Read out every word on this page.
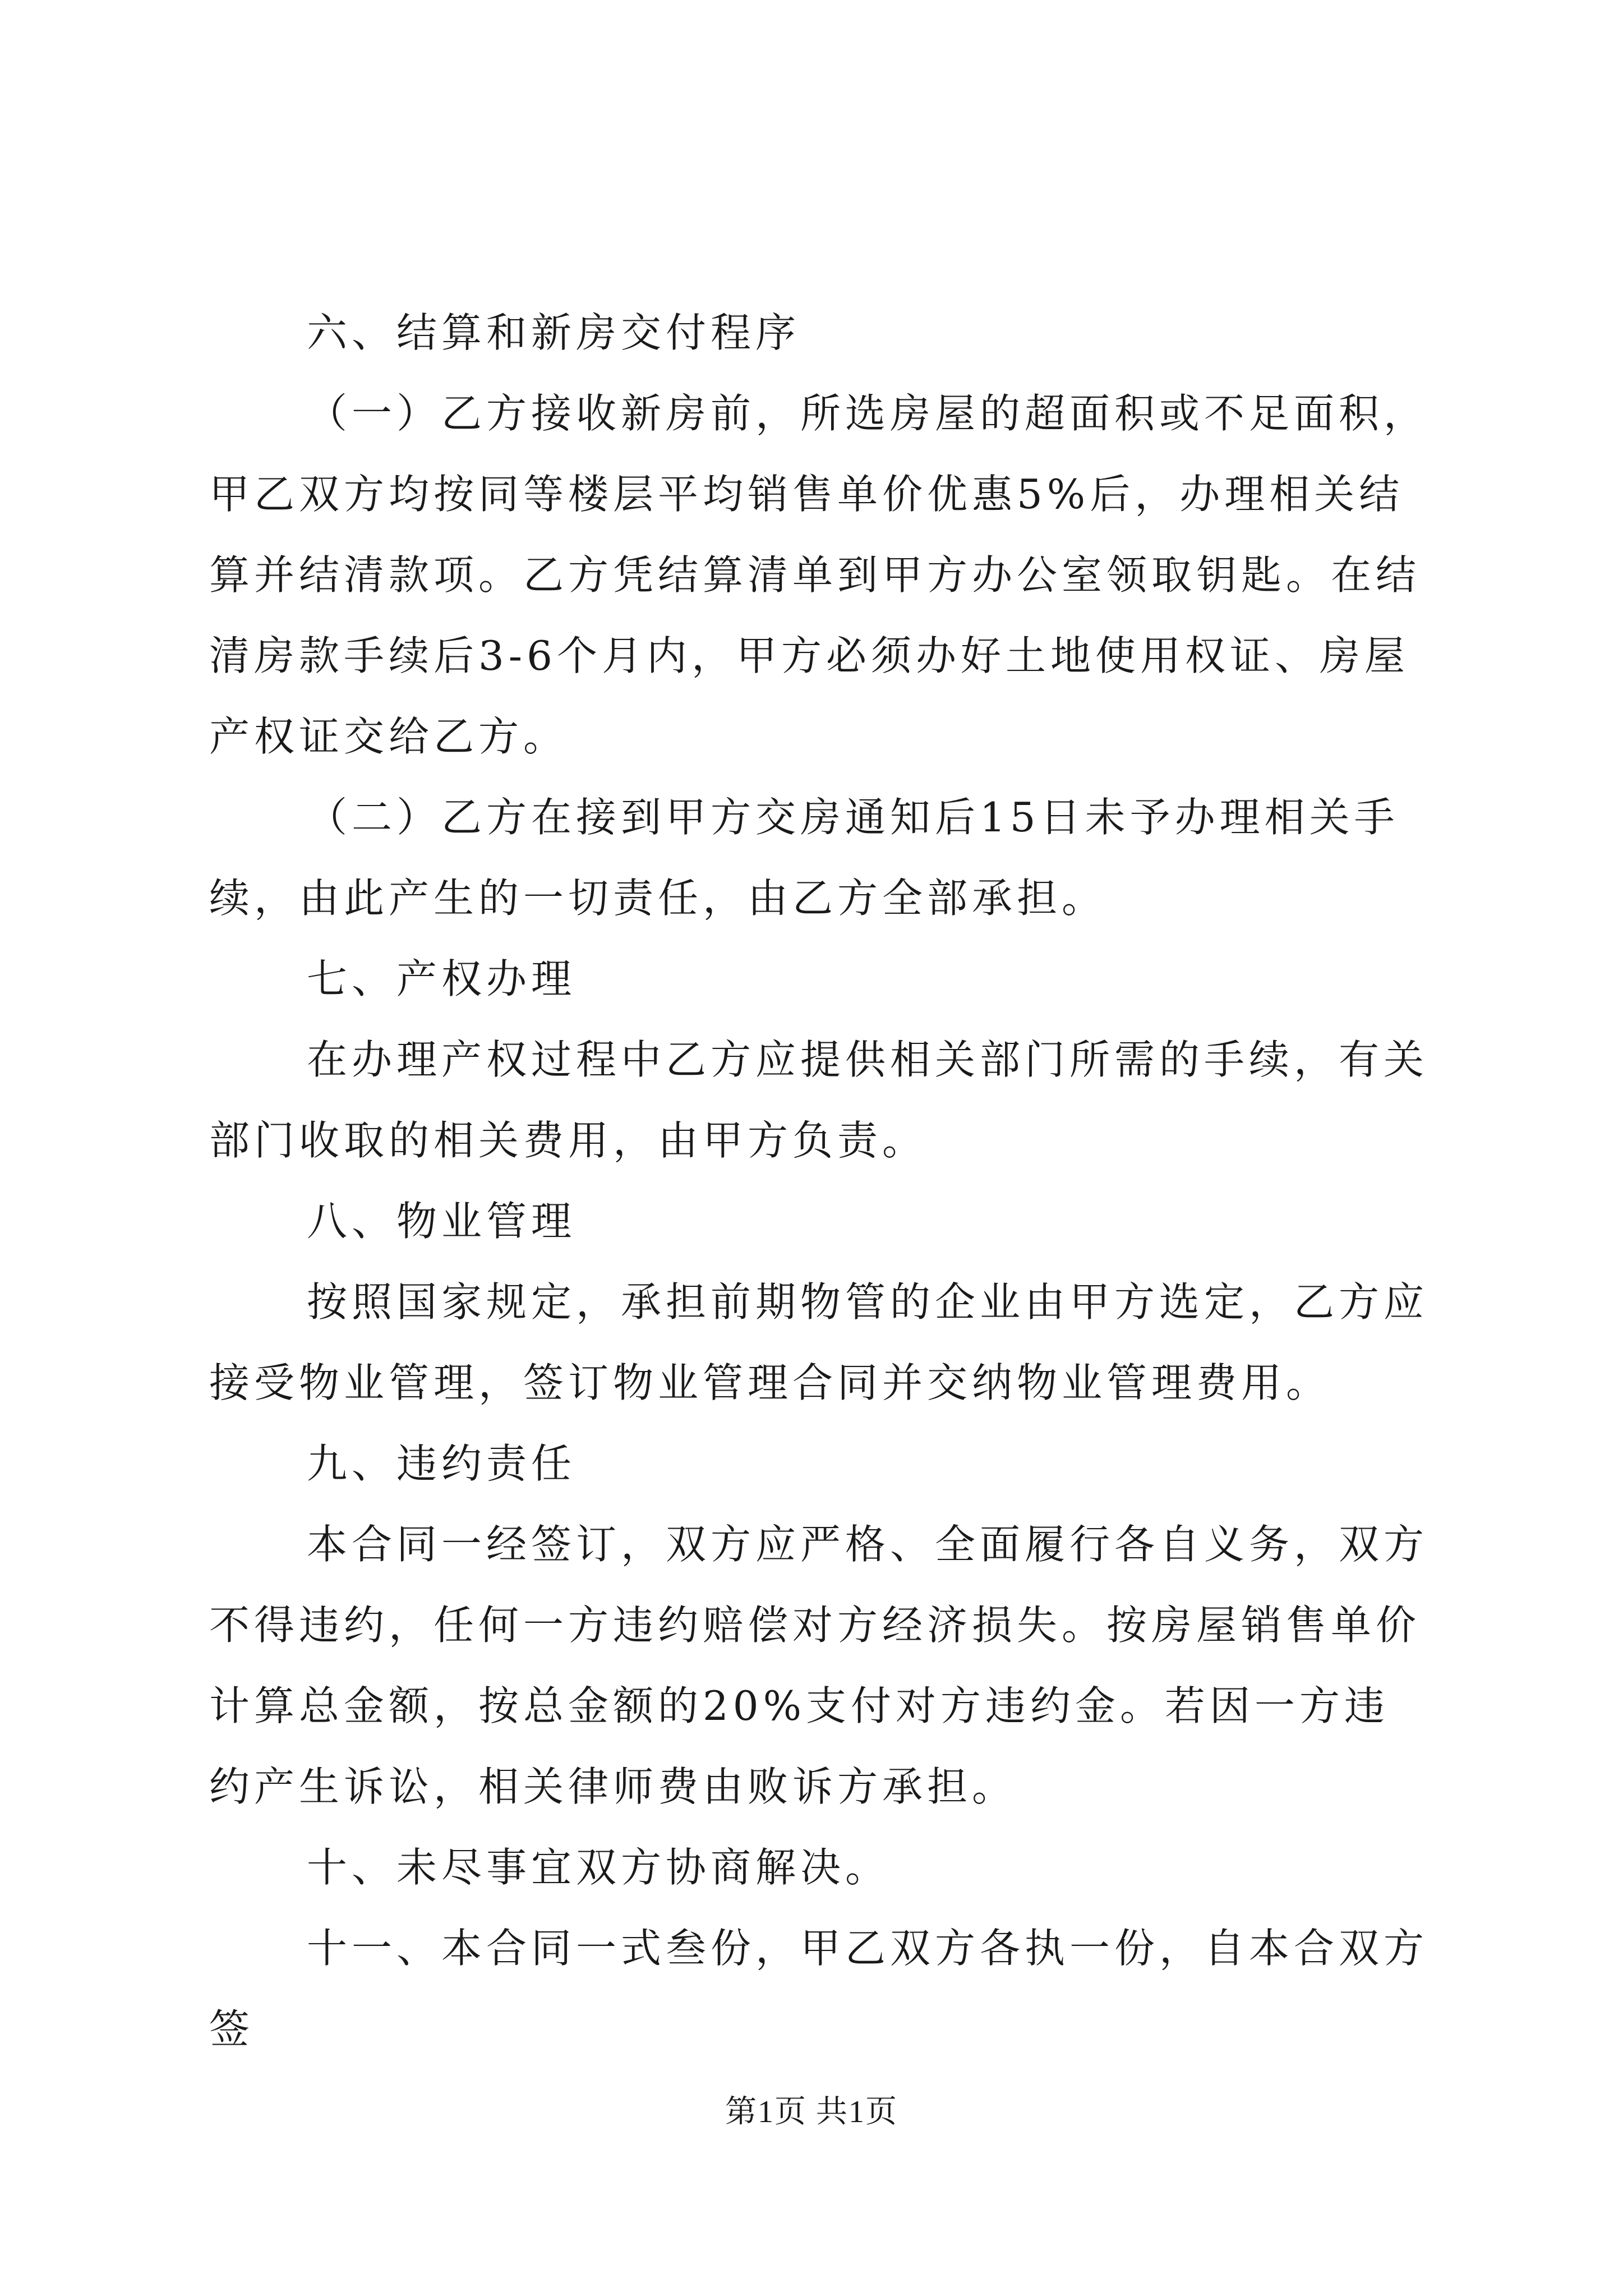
六、结算和新房交付程序

（一）乙方接收新房前，所选房屋的超面积或不足面积，甲乙双方均按同等楼层平均销售单价优惠5%后，办理相关结算并结清款项。乙方凭结算清单到甲方办公室领取钥匙。在结清房款手续后3-6个月内，甲方必须办好土地使用权证、房屋产权证交给乙方。

（二）乙方在接到甲方交房通知后15日未予办理相关手续，由此产生的一切责任，由乙方全部承担。

七、产权办理

在办理产权过程中乙方应提供相关部门所需的手续，有关部门收取的相关费用，由甲方负责。

八、物业管理

按照国家规定，承担前期物管的企业由甲方选定，乙方应接受物业管理，签订物业管理合同并交纳物业管理费用。

九、违约责任

本合同一经签订，双方应严格、全面履行各自义务，双方不得违约，任何一方违约赔偿对方经济损失。按房屋销售单价计算总金额，按总金额的20%支付对方违约金。若因一方违约产生诉讼，相关律师费由败诉方承担。

十、未尽事宜双方协商解决。

十一、本合同一式叁份，甲乙双方各执一份，自本合双方签

第1页 共1页
